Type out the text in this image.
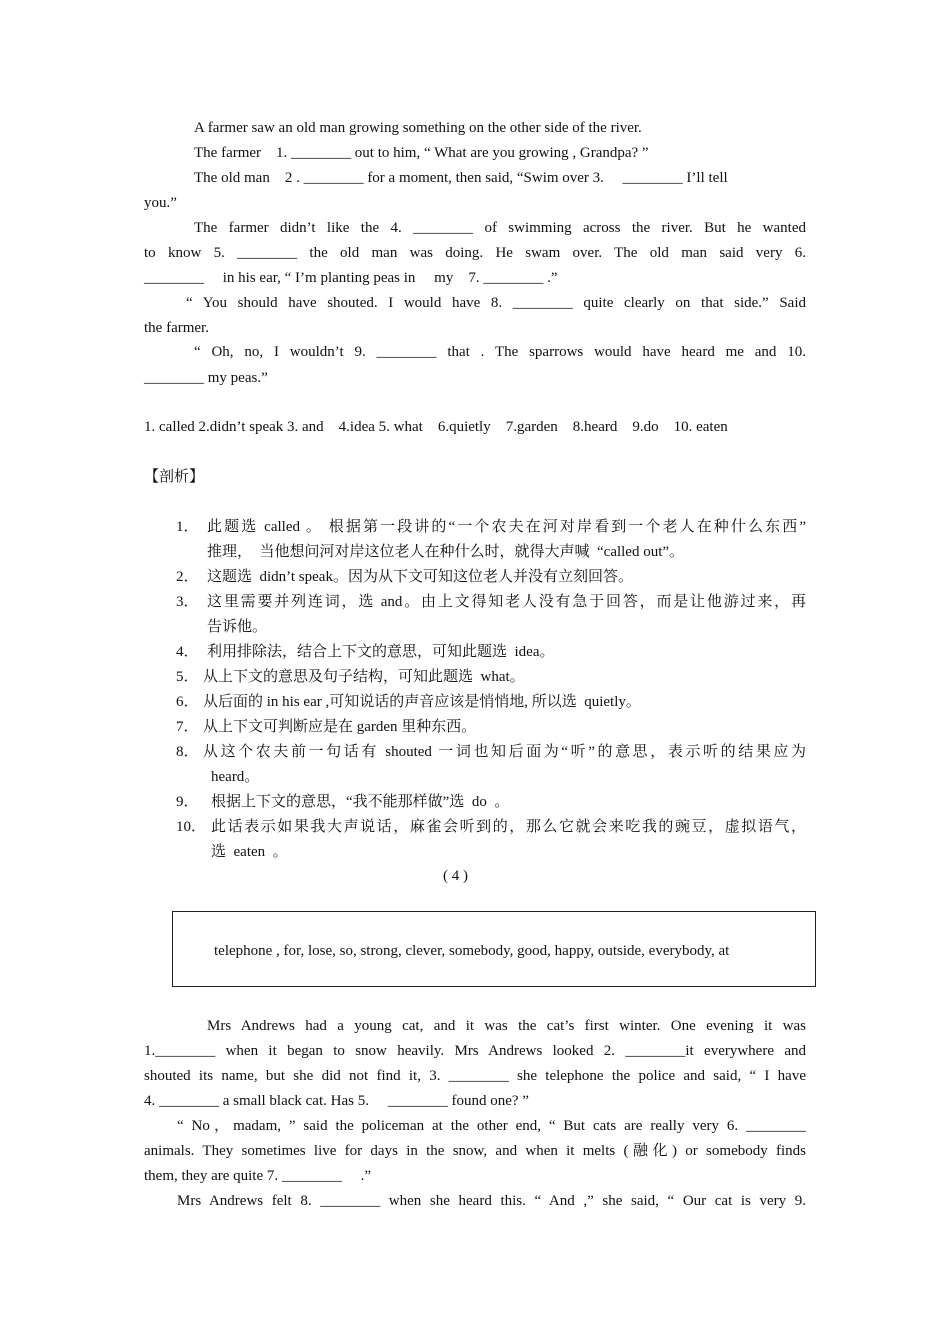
A farmer saw an old man growing something on the other side of the river.
The farmer    1. ________ out to him, “ What are you growing , Grandpa? ”
The old man    2 . ________ for a moment, then said, “Swim over 3.     ________ I’ll tell
you.”
The farmer didn’t like the 4. ________ of swimming across the river. But he wanted
to know 5. ________ the old man was doing. He swam over. The old man said very 6.
________     in his ear, “ I’m planting peas in     my    7. ________ .”
“ You should have shouted. I would have 8. ________ quite clearly on that side.” Said
the farmer.
“ Oh, no, I wouldn’t 9. ________ that . The sparrows would have heard me and 10.
________ my peas.”
1. called 2.didn’t speak 3. and    4.idea 5. what    6.quietly    7.garden    8.heard    9.do    10. eaten
【剖析】
1． 此题选 called 。 根据第一段讲的“一个农夫在河对岸看到一个老人在种什么东西”
推理，  当他想问河对岸这位老人在种什么时，就得大声喊  “called out”。
2． 这题选  didn’t speak。因为从下文可知这位老人并没有立刻回答。
3． 这里需要并列连词，选 and。由上文得知老人没有急于回答，而是让他游过来，再
告诉他。
4． 利用排除法，结合上下文的意思，可知此题选  idea。
5． 从上下文的意思及句子结构，可知此题选  what。
6． 从后面的 in his ear ,可知说话的声音应该是悄悄地, 所以选  quietly。
7． 从上下文可判断应是在 garden 里种东西。
8． 从这个农夫前一句话有 shouted 一词也知后面为“听”的意思，表示听的结果应为
heard。
9． 根据上下文的意思，“我不能那样做”选  do  。
10． 此话表示如果我大声说话，麻雀会听到的，那么它就会来吃我的豌豆，虚拟语气，
选  eaten  。
( 4 )
telephone , for, lose, so, strong, clever, somebody, good, happy, outside, everybody, at
Mrs Andrews had a young cat, and it was the cat’s first winter. One evening it was
1.________ when it began to snow heavily. Mrs Andrews looked 2. ________it everywhere and
shouted its name, but she did not find it, 3. ________ she telephone the police and said, “ I have
4. ________ a small black cat. Has 5.     ________ found one? ”
“ No，madam, ” said the policeman at the other end, “ But cats are really very 6. ________
animals. They sometimes live for days in the snow, and when it melts (融化) or somebody finds
them, they are quite 7. ________     .”
Mrs Andrews felt 8. ________ when she heard this. “ And ,” she said, “ Our cat is very 9.
